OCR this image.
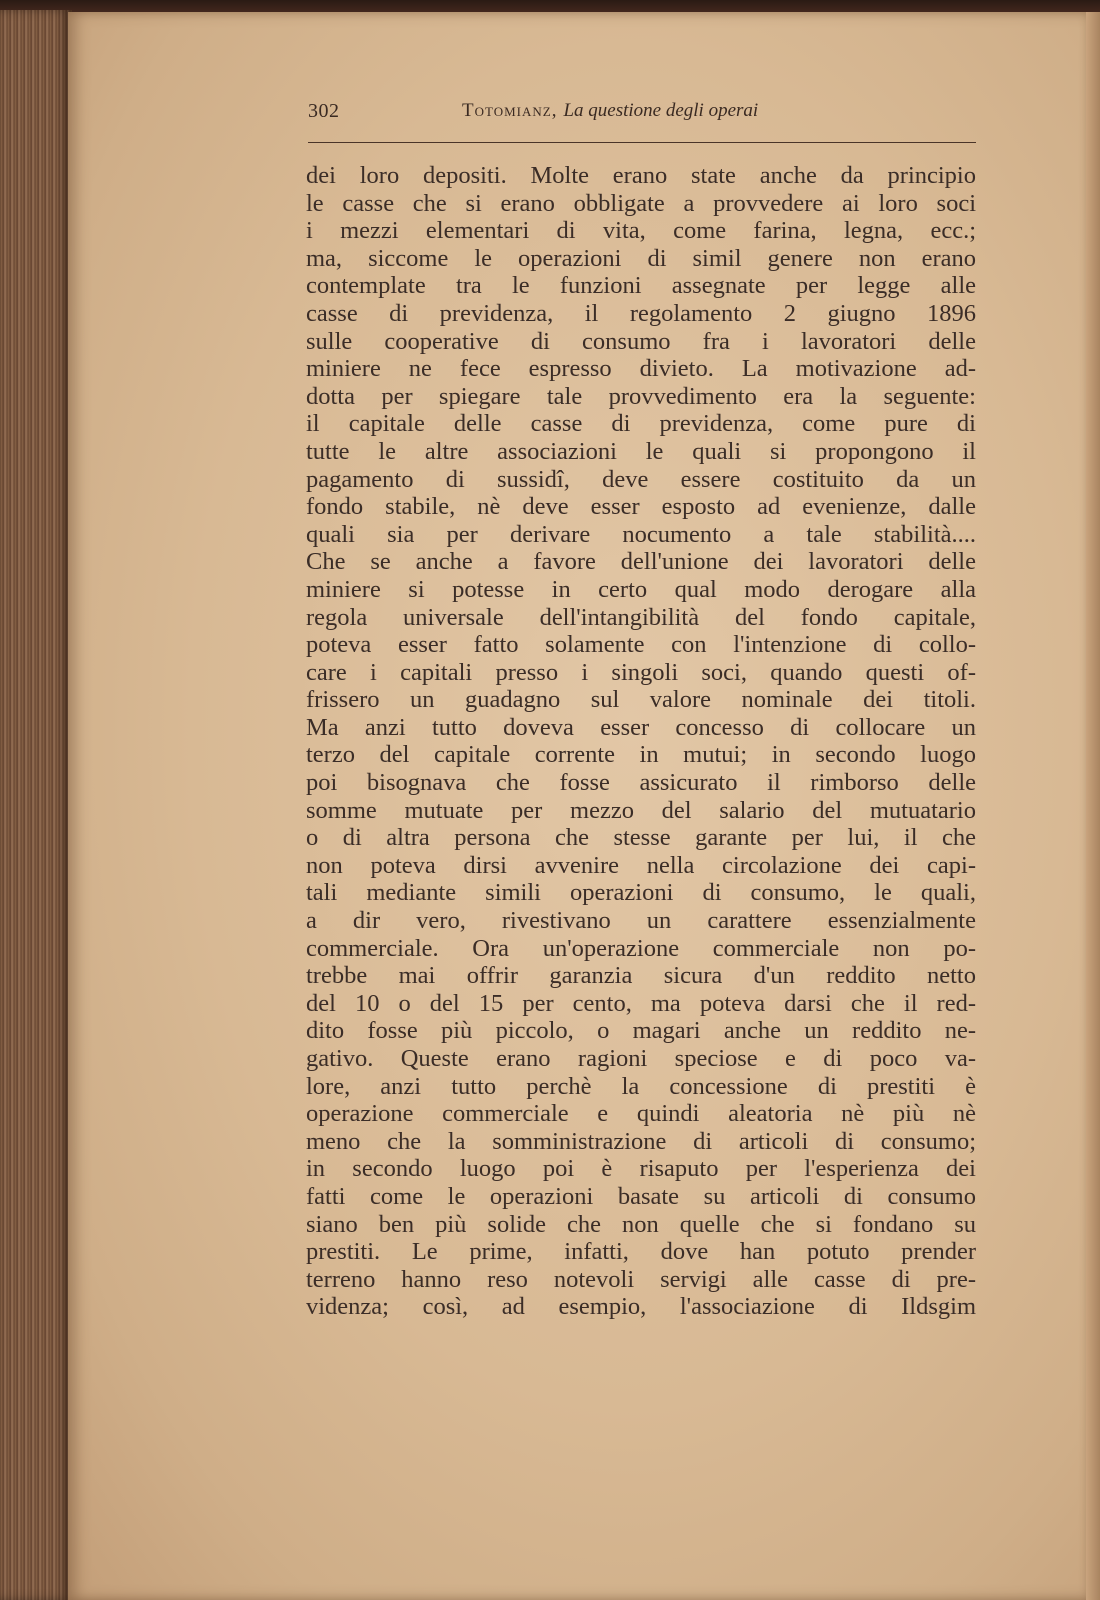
302	Totomianz, La questione degli operai
dei loro depositi. Molte erano state anche da principio
le casse che si erano obbligate a provvedere ai loro soci
i mezzi elementari di vita, come farina, legna, ecc.;
ma, siccome le operazioni di simil genere non erano
contemplate tra le funzioni assegnate per legge alle
casse di previdenza, il regolamento 2 giugno 1896
sulle cooperative di consumo fra i lavoratori delle
miniere ne fece espresso divieto. La motivazione ad-
dotta per spiegare tale provvedimento era la seguente:
il capitale delle casse di previdenza, come pure di
tutte le altre associazioni le quali si propongono il
pagamento di sussidî, deve essere costituito da un
fondo stabile, nè deve esser esposto ad evenienze, dalle
quali sia per derivare nocumento a tale stabilità....
Che se anche a favore dell'unione dei lavoratori delle
miniere si potesse in certo qual modo derogare alla
regola universale dell'intangibilità del fondo capitale,
poteva esser fatto solamente con l'intenzione di collo-
care i capitali presso i singoli soci, quando questi of-
frissero un guadagno sul valore nominale dei titoli.
Ma anzi tutto doveva esser concesso di collocare un
terzo del capitale corrente in mutui; in secondo luogo
poi bisognava che fosse assicurato il rimborso delle
somme mutuate per mezzo del salario del mutuatario
o di altra persona che stesse garante per lui, il che
non poteva dirsi avvenire nella circolazione dei capi-
tali mediante simili operazioni di consumo, le quali,
a dir vero, rivestivano un carattere essenzialmente
commerciale. Ora un'operazione commerciale non po-
trebbe mai offrir garanzia sicura d'un reddito netto
del 10 o del 15 per cento, ma poteva darsi che il red-
dito fosse più piccolo, o magari anche un reddito ne-
gativo. Queste erano ragioni speciose e di poco va-
lore, anzi tutto perchè la concessione di prestiti è
operazione commerciale e quindi aleatoria nè più nè
meno che la somministrazione di articoli di consumo;
in secondo luogo poi è risaputo per l'esperienza dei
fatti come le operazioni basate su articoli di consumo
siano ben più solide che non quelle che si fondano su
prestiti. Le prime, infatti, dove han potuto prender
terreno hanno reso notevoli servigi alle casse di pre-
videnza; così, ad esempio, l'associazione di Ildsgim
